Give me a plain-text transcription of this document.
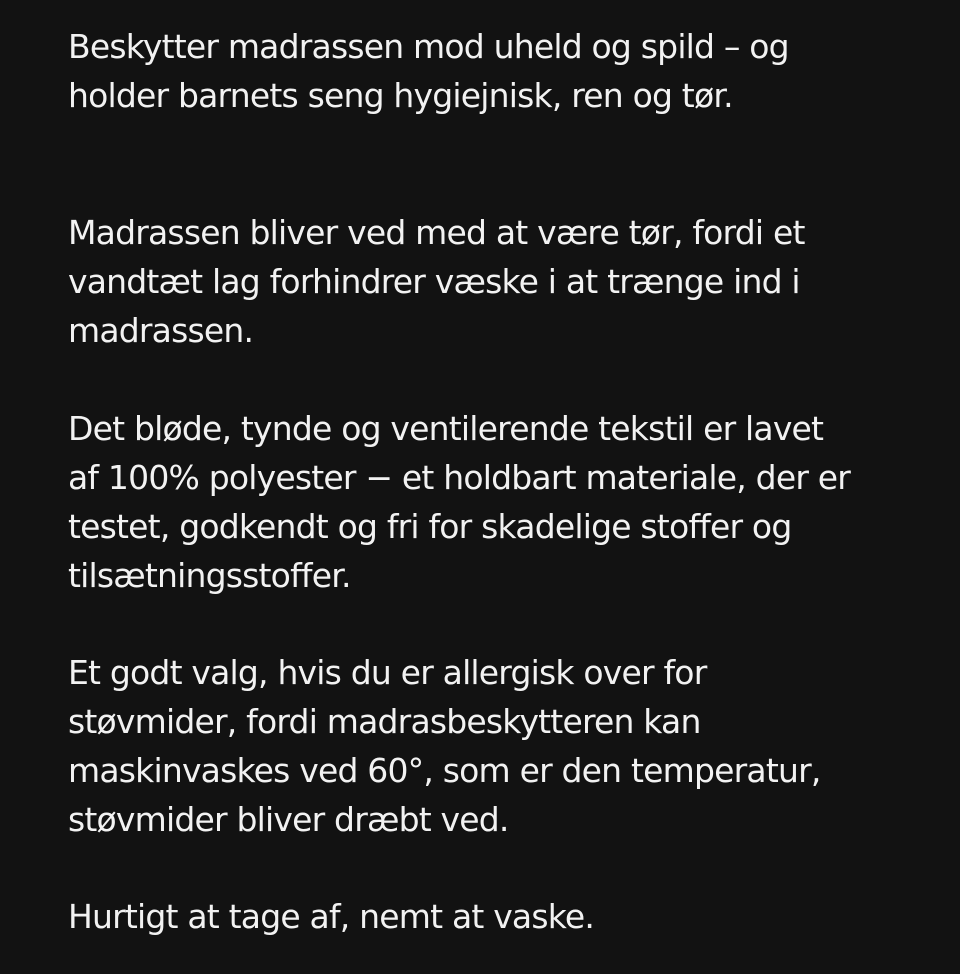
Beskytter madrassen mod uheld og spild – og
holder barnets seng hygiejnisk, ren og tør.

Madrassen bliver ved med at være tør, fordi et
vandtæt lag forhindrer væske i at trænge ind i
madrassen.

Det bløde, tynde og ventilerende tekstil er lavet
af 100% polyester − et holdbart materiale, der er
testet, godkendt og fri for skadelige stoffer og
tilsætningsstoffer.

Et godt valg, hvis du er allergisk over for
støvmider, fordi madrasbeskytteren kan
maskinvaskes ved 60°, som er den temperatur,
støvmider bliver dræbt ved.

Hurtigt at tage af, nemt at vaske.
